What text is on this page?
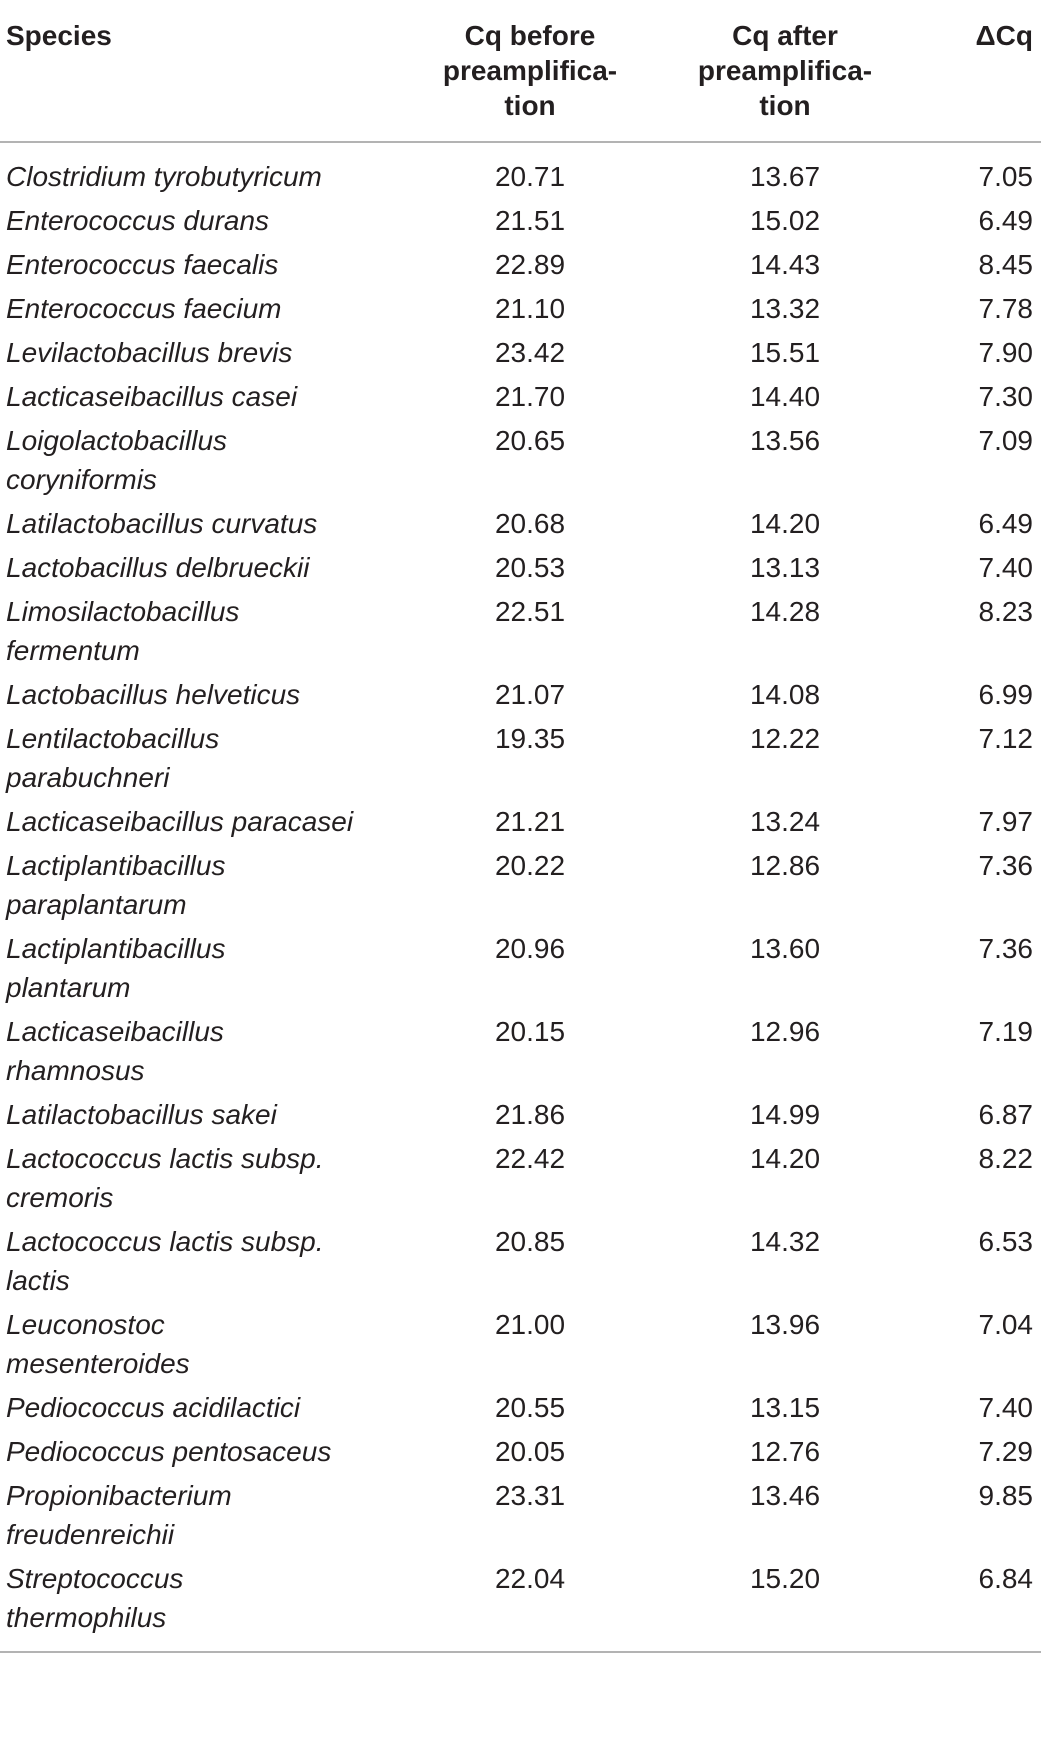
Species	Cq before
preamplifica-
tion	Cq after
preamplifica-
tion	ΔCq

Clostridium tyrobutyricum	20.71	13.67	7.05

Enterococcus durans	21.51	15.02	6.49

Enterococcus faecalis	22.89	14.43	8.45

Enterococcus faecium	21.10	13.32	7.78

Levilactobacillus brevis	23.42	15.51	7.90

Lacticaseibacillus casei	21.70	14.40	7.30

Loigolactobacillus
coryniformis	20.65	13.56	7.09

Latilactobacillus curvatus	20.68	14.20	6.49

Lactobacillus delbrueckii	20.53	13.13	7.40

Limosilactobacillus
fermentum	22.51	14.28	8.23

Lactobacillus helveticus	21.07	14.08	6.99

Lentilactobacillus
parabuchneri	19.35	12.22	7.12

Lacticaseibacillus paracasei	21.21	13.24	7.97

Lactiplantibacillus
paraplantarum	20.22	12.86	7.36

Lactiplantibacillus
plantarum	20.96	13.60	7.36

Lacticaseibacillus
rhamnosus	20.15	12.96	7.19

Latilactobacillus sakei	21.86	14.99	6.87

Lactococcus lactis subsp.
cremoris	22.42	14.20	8.22

Lactococcus lactis subsp.
lactis	20.85	14.32	6.53

Leuconostoc
mesenteroides	21.00	13.96	7.04

Pediococcus acidilactici	20.55	13.15	7.40

Pediococcus pentosaceus	20.05	12.76	7.29

Propionibacterium
freudenreichii	23.31	13.46	9.85

Streptococcus
thermophilus	22.04	15.20	6.84
